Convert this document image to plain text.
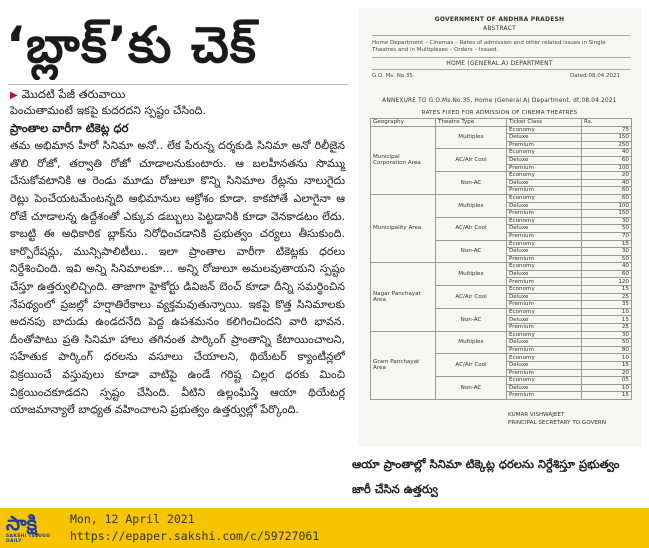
‘బ్లాక్’కు చెక్
▶ మొదటి పేజీ తరువాయి

పెంచుతామంటే ఇకపై కుదరదని స్పష్టం చేసింది.

ప్రాంతాల వారీగా టికెట్ల ధర

తమ అభిమాన హీరో సినిమా అనో.. లేక పేరున్న దర్శకుడి సినిమా అనో రిలీజైన తొలి రోజో, తర్వాతి రోజో చూడాలనుకుంటారు. ఆ బలహీనతను సొమ్ము చేసుకోవటానికి ఆ రెండు మూడు రోజులూ కొన్ని సినిమాల రేట్లను నాలుగైదు రెట్లు పెంచేయటమేంటన్నది అభిమానుల ఆక్రోశం కూడా. కాకపోతే ఎలాగైనా ఆ రోజే చూడాలన్న ఉద్దేశంతో ఎక్కువ డబ్బులు పెట్టడానికి కూడా వెనకాడటం లేదు. కాబట్టి ఈ అధికారిక బ్లాక్‌ను నిరోధించడానికి ప్రభుత్వం చర్యలు తీసుకుంది. కార్పొరేషన్లు, మున్సిపాలిటీలు.. ఇలా ప్రాంతాల వారీగా టికెట్లకు ధరలు నిర్దేశించింది. ఇవి అన్ని సినిమాలకూ... అన్ని రోజులూ అమలవుతాయని స్పష్టం చేస్తూ ఉత్తర్వులిచ్చింది. తాజాగా హైకోర్టు డివిజన్ బెంచ్ కూడా దీన్ని సమర్థించిన నేపథ్యంలో ప్రజల్లో హర్షాతిరేకాలు వ్యక్తమవుతున్నాయి. ఇకపై కొత్త సినిమాలకు అదనపు బాదుడు ఉండదనేది పెద్ద ఉపశమనం కలిగించిందని వారి భావన. దీంతోపాటు ప్రతి సినిమా హాలు తగినంత పార్కింగ్ ప్రాంతాన్ని కేటాయించాలని, సహేతుక పార్కింగ్ ధరలను వసూలు చేయాలని, థియేటర్ క్యాంటీన్లలో విక్రయించే వస్తువులు కూడా వాటిపై ఉండే గరిష్ట చిల్లర ధరకు మించి విక్రయించకూడదని స్పష్టం చేసింది. వీటిని ఉల్లంఘిస్తే ఆయా థియేటర్ల యాజమాన్యాలే బాధ్యత వహించాలని ప్రభుత్వం ఉత్తర్వుల్లో పేర్కొంది.

GOVERNMENT OF ANDHRA PRADESH
ABSTRACT
Home Department – Cinemas – Rates of admission and other related issues in Single Theatres and in Multiplexes – Orders – Issued.
HOME (GENERAL.A) DEPARTMENT
G.O. Ms. No.35	Dated:08.04.2021
ANNEXURE TO G.O.Ms.No.35, Home (General.A) Department, dt.08.04.2021
RATES FIXED FOR ADMISSION OF CINEMA THEATRES
Geography	Theatre Type	Ticket Class	Rs.
Municipal Corporation Area	Multiplex	Economy	75
		Deluxe	150
		Premium	250
	AC/Air Cool	Economy	40
		Deluxe	60
		Premium	100
	Non-AC	Economy	20
		Deluxe	40
		Premium	60
Municipality Area	Multiplex	Economy	60
		Deluxe	100
		Premium	150
	AC/Air Cool	Economy	30
		Deluxe	50
		Premium	70
	Non-AC	Economy	15
		Deluxe	30
		Premium	50
Nagar Panchayat Area	Multiplex	Economy	40
		Deluxe	60
		Premium	120
	AC/Air Cool	Economy	15
		Deluxe	25
		Premium	35
	Non-AC	Economy	10
		Deluxe	15
		Premium	25
Gram Panchayat Area	Multiplex	Economy	30
		Deluxe	50
		Premium	80
	AC/Air Cool	Economy	10
		Deluxe	15
		Premium	20
	Non-AC	Economy	05
		Deluxe	10
		Premium	15
KUMAR VISHWAJEET
PRINCIPAL SECRETARY TO GOVERN
ఆయా ప్రాంతాల్లో సినిమా టిక్కెట్ల ధరలను నిర్దేశిస్తూ ప్రభుత్వం జారీ చేసిన ఉత్తర్వు
సాక్షి
SAKSHI TELUGU DAILY
Mon, 12 April 2021
https://epaper.sakshi.com/c/59727061
